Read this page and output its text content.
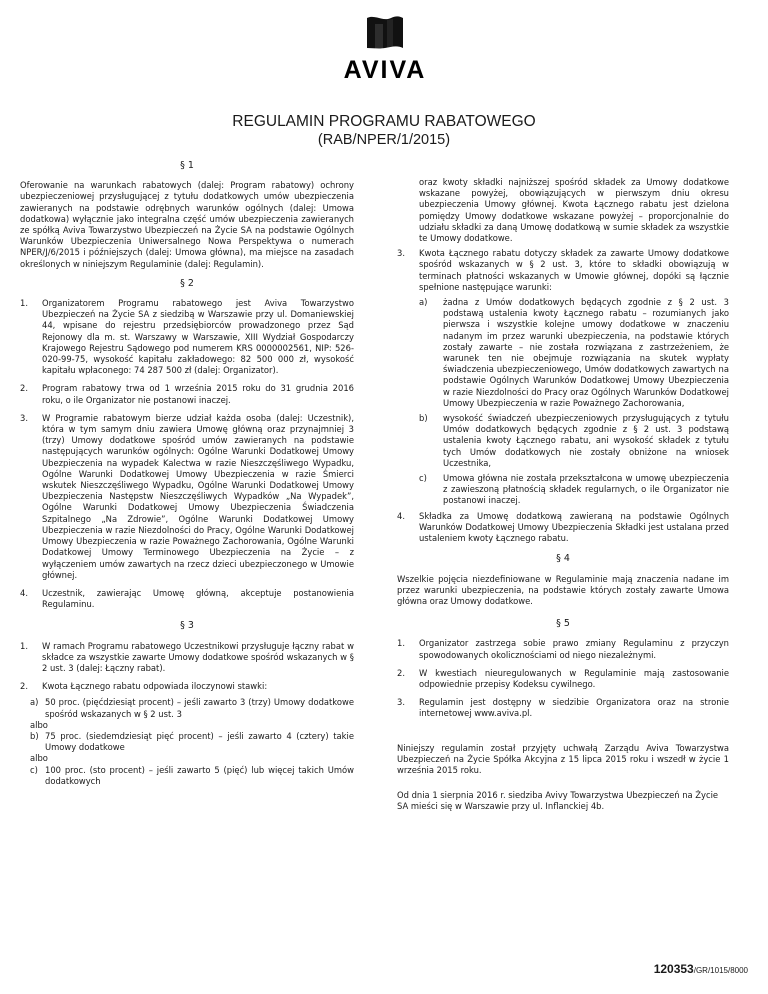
AVIVA
REGULAMIN PROGRAMU RABATOWEGO
(RAB/NPER/1/2015)

§ 1

Oferowanie na warunkach rabatowych (dalej: Program rabatowy) ochrony ubezpieczeniowej przysługującej z tytułu dodatkowych umów ubezpieczenia zawieranych na podstawie odrębnych warunków ogólnych (dalej: Umowa dodatkowa) wyłącznie jako integralna część umów ubezpieczenia zawieranych ze spółką Aviva Towarzystwo Ubezpieczeń na Życie SA na podstawie Ogólnych Warunków Ubezpieczenia Uniwersalnego Nowa Perspektywa o numerach NPER/J/6/2015 i późniejszych (dalej: Umowa główna), ma miejsce na zasadach określonych w niniejszym Regulaminie (dalej: Regulamin).

§ 2

1. Organizatorem Programu rabatowego jest Aviva Towarzystwo Ubezpieczeń na Życie SA z siedzibą w Warszawie przy ul. Domaniewskiej 44, wpisane do rejestru przedsiębiorców prowadzonego przez Sąd Rejonowy dla m. st. Warszawy w Warszawie, XIII Wydział Gospodarczy Krajowego Rejestru Sądowego pod numerem KRS 0000002561, NIP: 526-020-99-75, wysokość kapitału zakładowego: 82 500 000 zł, wysokość kapitału wpłaconego: 74 287 500 zł (dalej: Organizator).
2. Program rabatowy trwa od 1 września 2015 roku do 31 grudnia 2016 roku, o ile Organizator nie postanowi inaczej.
3. W Programie rabatowym bierze udział każda osoba (dalej: Uczestnik), która w tym samym dniu zawiera Umowę główną oraz przynajmniej 3 (trzy) Umowy dodatkowe spośród umów zawieranych na podstawie następujących warunków ogólnych: Ogólne Warunki Dodatkowej Umowy Ubezpieczenia na wypadek Kalectwa w razie Nieszczęśliwego Wypadku, Ogólne Warunki Dodatkowej Umowy Ubezpieczenia w razie Śmierci wskutek Nieszczęśliwego Wypadku, Ogólne Warunki Dodatkowej Umowy Ubezpieczenia Następstw Nieszczęśliwych Wypadków „Na Wypadek”, Ogólne Warunki Dodatkowej Umowy Ubezpieczenia Świadczenia Szpitalnego „Na Zdrowie”, Ogólne Warunki Dodatkowej Umowy Ubezpieczenia w razie Niezdolności do Pracy, Ogólne Warunki Dodatkowej Umowy Ubezpieczenia w razie Poważnego Zachorowania, Ogólne Warunki Dodatkowej Umowy Terminowego Ubezpieczenia na Życie – z wyłączeniem umów zawartych na rzecz dzieci ubezpieczonego w Umowie głównej.
4. Uczestnik, zawierając Umowę główną, akceptuje postanowienia Regulaminu.

§ 3

1. W ramach Programu rabatowego Uczestnikowi przysługuje łączny rabat w składce za wszystkie zawarte Umowy dodatkowe spośród wskazanych w § 2 ust. 3 (dalej: Łączny rabat).
2. Kwota Łącznego rabatu odpowiada iloczynowi stawki:
a) 50 proc. (pięćdziesiąt procent) – jeśli zawarto 3 (trzy) Umowy dodatkowe spośród wskazanych w § 2 ust. 3

albo

b) 75 proc. (siedemdziesiąt pięć procent) – jeśli zawarto 4 (cztery) takie Umowy dodatkowe

albo

c) 100 proc. (sto procent) – jeśli zawarto 5 (pięć) lub więcej takich Umów dodatkowych

oraz kwoty składki najniższej spośród składek za Umowy dodatkowe wskazane powyżej, obowiązujących w pierwszym dniu okresu ubezpieczenia Umowy głównej. Kwota Łącznego rabatu jest dzielona pomiędzy Umowy dodatkowe wskazane powyżej – proporcjonalnie do udziału składki za daną Umowę dodatkową w sumie składek za wszystkie te Umowy dodatkowe.

3. Kwota Łącznego rabatu dotyczy składek za zawarte Umowy dodatkowe spośród wskazanych w § 2 ust. 3, które to składki obowiązują w terminach płatności wskazanych w Umowie głównej, dopóki są łącznie spełnione następujące warunki:
a) żadna z Umów dodatkowych będących zgodnie z § 2 ust. 3 podstawą ustalenia kwoty Łącznego rabatu – rozumianych jako pierwsza i wszystkie kolejne umowy dodatkowe w znaczeniu nadanym im przez warunki ubezpieczenia, na podstawie których zostały zawarte – nie została rozwiązana z zastrzeżeniem, że warunek ten nie obejmuje rozwiązania na skutek wypłaty świadczenia ubezpieczeniowego, Umów dodatkowych zawartych na podstawie Ogólnych Warunków Dodatkowej Umowy Ubezpieczenia w razie Niezdolności do Pracy oraz Ogólnych Warunków Dodatkowej Umowy Ubezpieczenia w razie Poważnego Zachorowania,
b) wysokość świadczeń ubezpieczeniowych przysługujących z tytułu Umów dodatkowych będących zgodnie z § 2 ust. 3 podstawą ustalenia kwoty Łącznego rabatu, ani wysokość składek z tytułu tych Umów dodatkowych nie zostały obniżone na wniosek Uczestnika,
c) Umowa główna nie została przekształcona w umowę ubezpieczenia z zawieszoną płatnością składek regularnych, o ile Organizator nie postanowi inaczej.
4. Składka za Umowę dodatkową zawieraną na podstawie Ogólnych Warunków Dodatkowej Umowy Ubezpieczenia Składki jest ustalana przed ustaleniem kwoty Łącznego rabatu.

§ 4

Wszelkie pojęcia niezdefiniowane w Regulaminie mają znaczenia nadane im przez warunki ubezpieczenia, na podstawie których zostały zawarte Umowa główna oraz Umowy dodatkowe.

§ 5

1. Organizator zastrzega sobie prawo zmiany Regulaminu z przyczyn spowodowanych okolicznościami od niego niezależnymi.
2. W kwestiach nieuregulowanych w Regulaminie mają zastosowanie odpowiednie przepisy Kodeksu cywilnego.
3. Regulamin jest dostępny w siedzibie Organizatora oraz na stronie internetowej www.aviva.pl.

Niniejszy regulamin został przyjęty uchwałą Zarządu Aviva Towarzystwa Ubezpieczeń na Życie Spółka Akcyjna z 15 lipca 2015 roku i wszedł w życie 1 września 2015 roku.

Od dnia 1 sierpnia 2016 r. siedziba Avivy Towarzystwa Ubezpieczeń na Życie SA mieści się w Warszawie przy ul. Inflanckiej 4b.

120353/GR/1015/8000
